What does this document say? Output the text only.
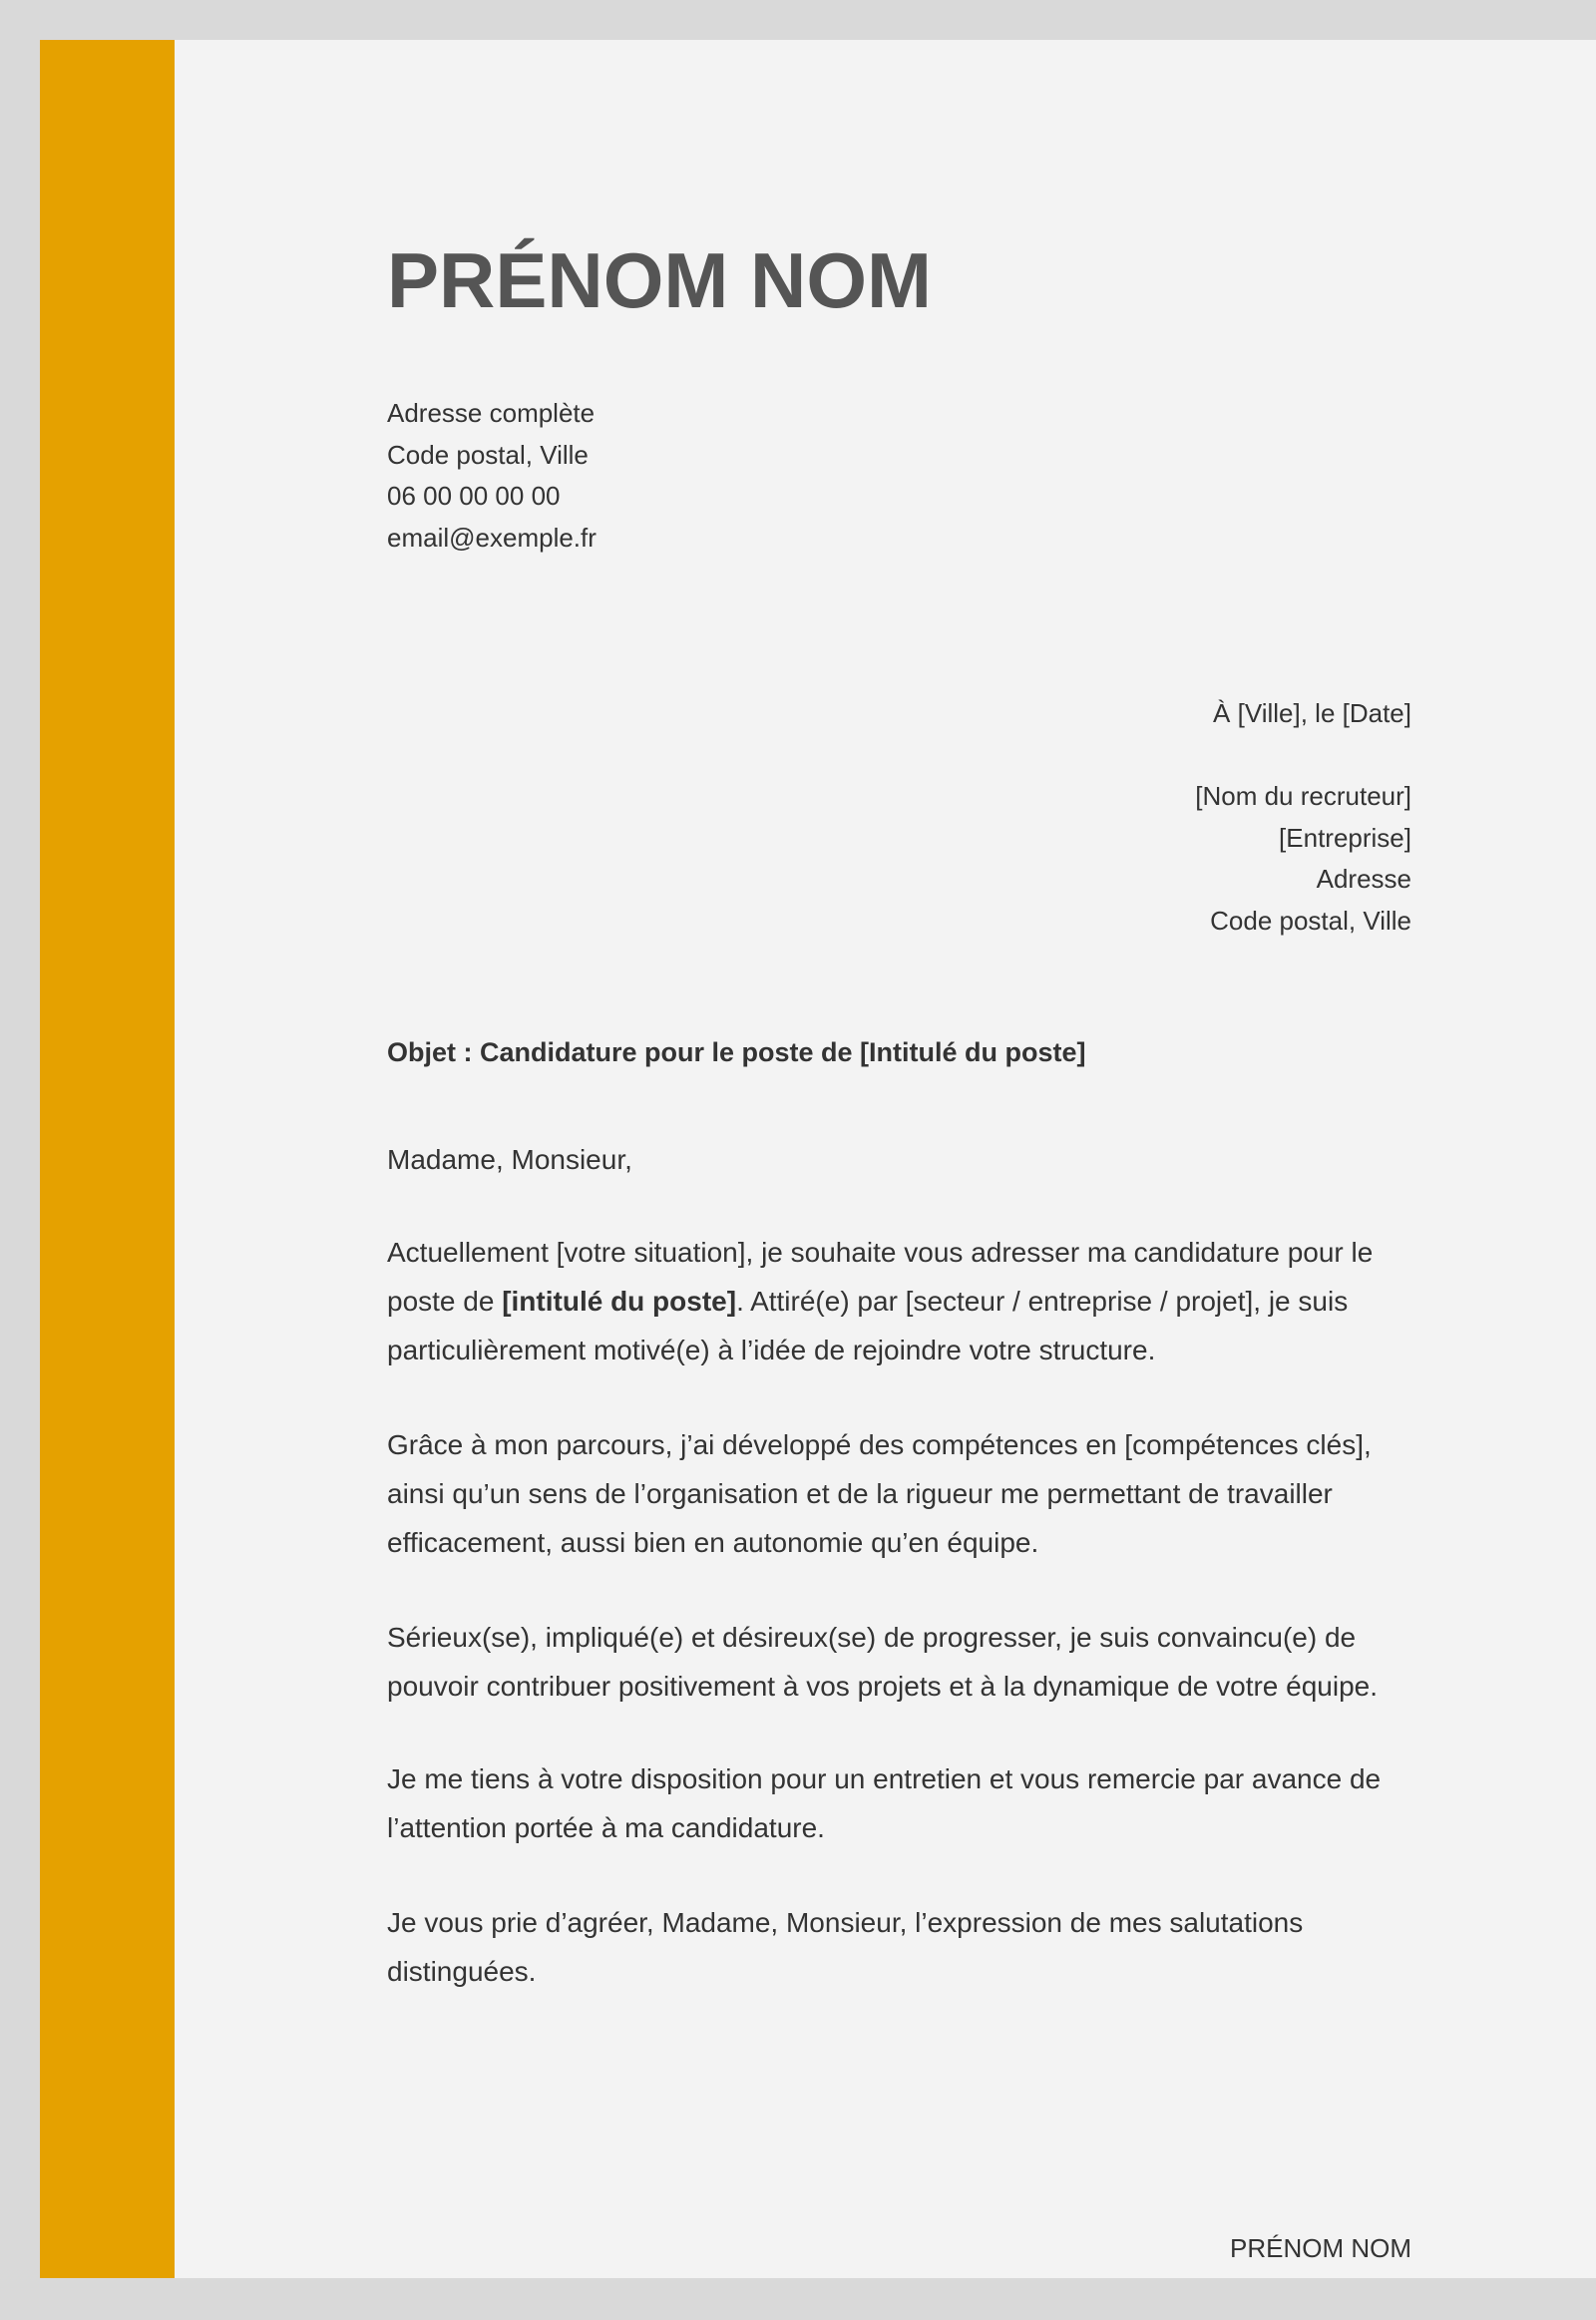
PRÉNOM NOM
Adresse complète
Code postal, Ville
06 00 00 00 00
email@exemple.fr
À [Ville], le [Date]
[Nom du recruteur]
[Entreprise]
Adresse
Code postal, Ville
Objet : Candidature pour le poste de [Intitulé du poste]
Madame, Monsieur,
Actuellement [votre situation], je souhaite vous adresser ma candidature pour le
poste de [intitulé du poste]. Attiré(e) par [secteur / entreprise / projet], je suis
particulièrement motivé(e) à l’idée de rejoindre votre structure.
Grâce à mon parcours, j’ai développé des compétences en [compétences clés],
ainsi qu’un sens de l’organisation et de la rigueur me permettant de travailler
efficacement, aussi bien en autonomie qu’en équipe.
Sérieux(se), impliqué(e) et désireux(se) de progresser, je suis convaincu(e) de
pouvoir contribuer positivement à vos projets et à la dynamique de votre équipe.
Je me tiens à votre disposition pour un entretien et vous remercie par avance de
l’attention portée à ma candidature.
Je vous prie d’agréer, Madame, Monsieur, l’expression de mes salutations
distinguées.
PRÉNOM NOM
